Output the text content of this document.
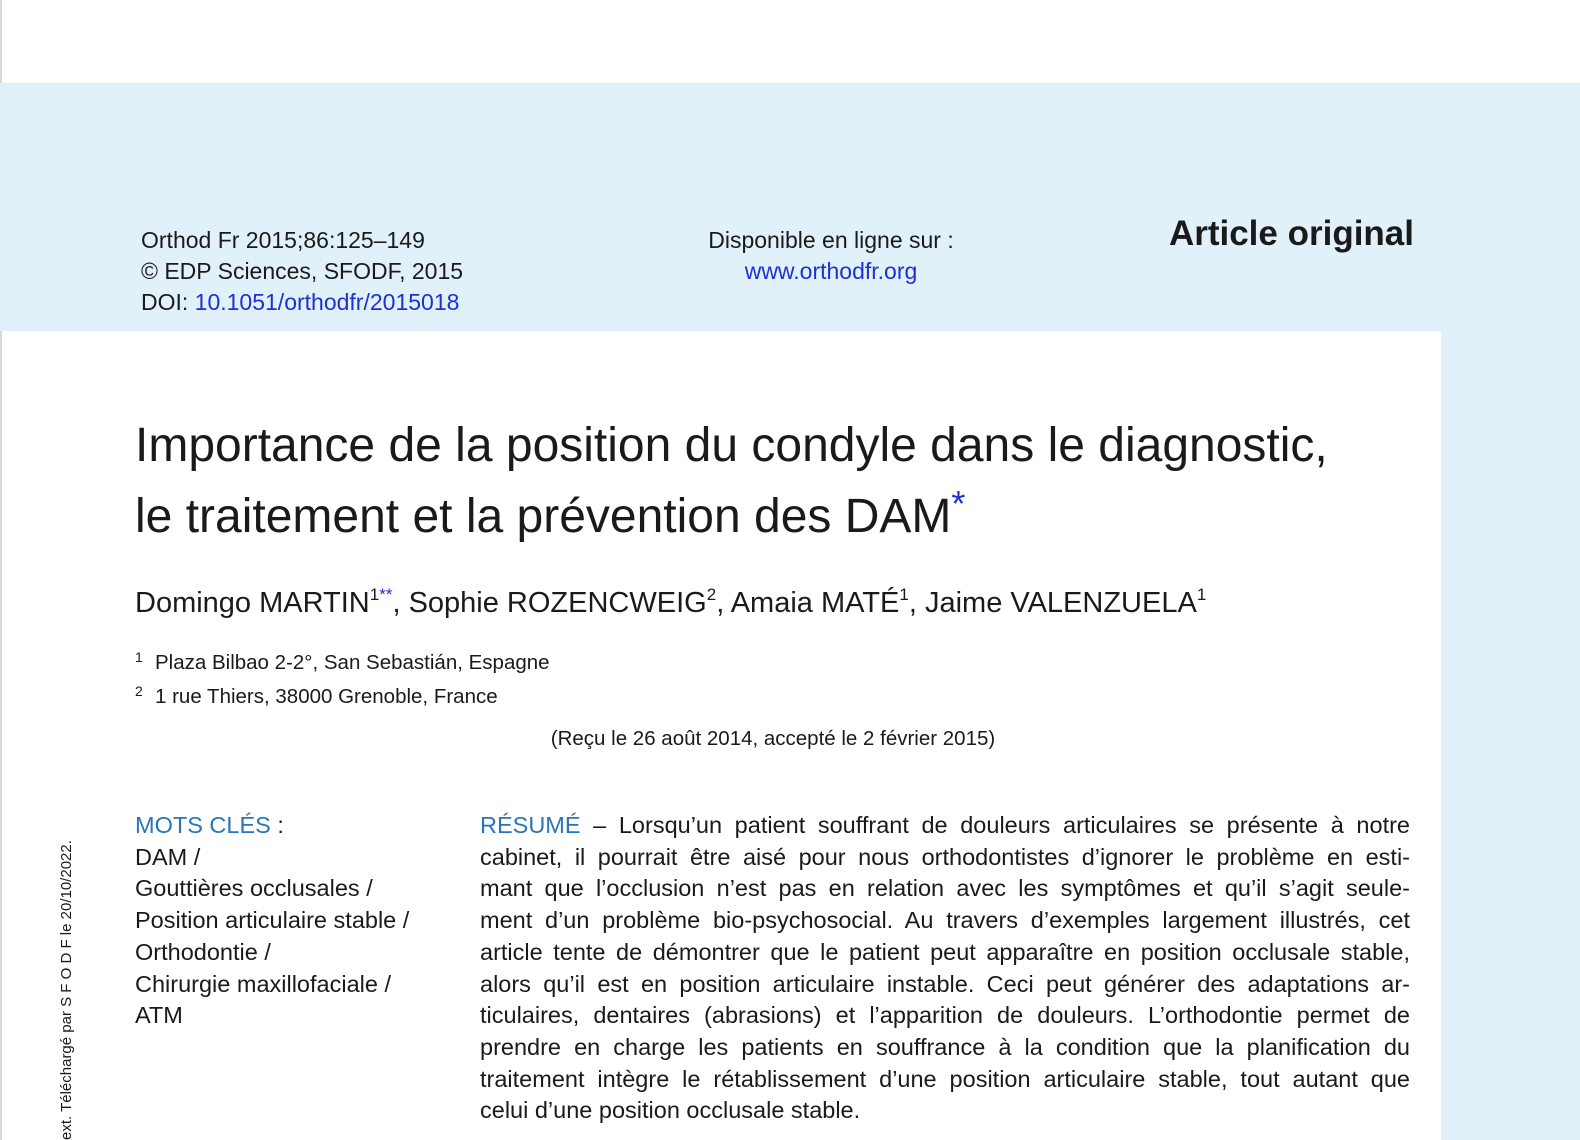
Orthod Fr 2015;86:125–149
© EDP Sciences, SFODF, 2015
DOI: 10.1051/orthodfr/2015018
Disponible en ligne sur :
www.orthodfr.org
Article original
Importance de la position du condyle dans le diagnostic,
le traitement et la prévention des DAM*
Domingo $MARTIN^{1**}$, Sophie ROZENCWEIG$^2$, Amaia MATÉ$^1$, Jaime VALENZUELA$^1$
1 Plaza Bilbao 2-2°, San Sebastián, Espagne
2 1 rue Thiers, 38000 Grenoble, France
(Reçu le 26 août 2014, accepté le 2 février 2015)
MOTS CLÉS :
DAM /
Gouttières occlusales /
Position articulaire stable /
Orthodontie /
Chirurgie maxillofaciale /
ATM
RÉSUMÉ – Lorsqu’un patient souffrant de douleurs articulaires se présente à notre
cabinet, il pourrait être aisé pour nous orthodontistes d’ignorer le problème en esti-
mant que l’occlusion n’est pas en relation avec les symptômes et qu’il s’agit seule-
ment d’un problème bio-psychosocial. Au travers d’exemples largement illustrés, cet
article tente de démontrer que le patient peut apparaître en position occlusale stable,
alors qu’il est en position articulaire instable. Ceci peut générer des adaptations ar-
ticulaires, dentaires (abrasions) et l’apparition de douleurs. L’orthodontie permet de
prendre en charge les patients en souffrance à la condition que la planification du
traitement intègre le rétablissement d’une position articulaire stable, tout autant que
celui d’une position occlusale stable.
ext. Téléchargé par S F O D F le 20/10/2022.
